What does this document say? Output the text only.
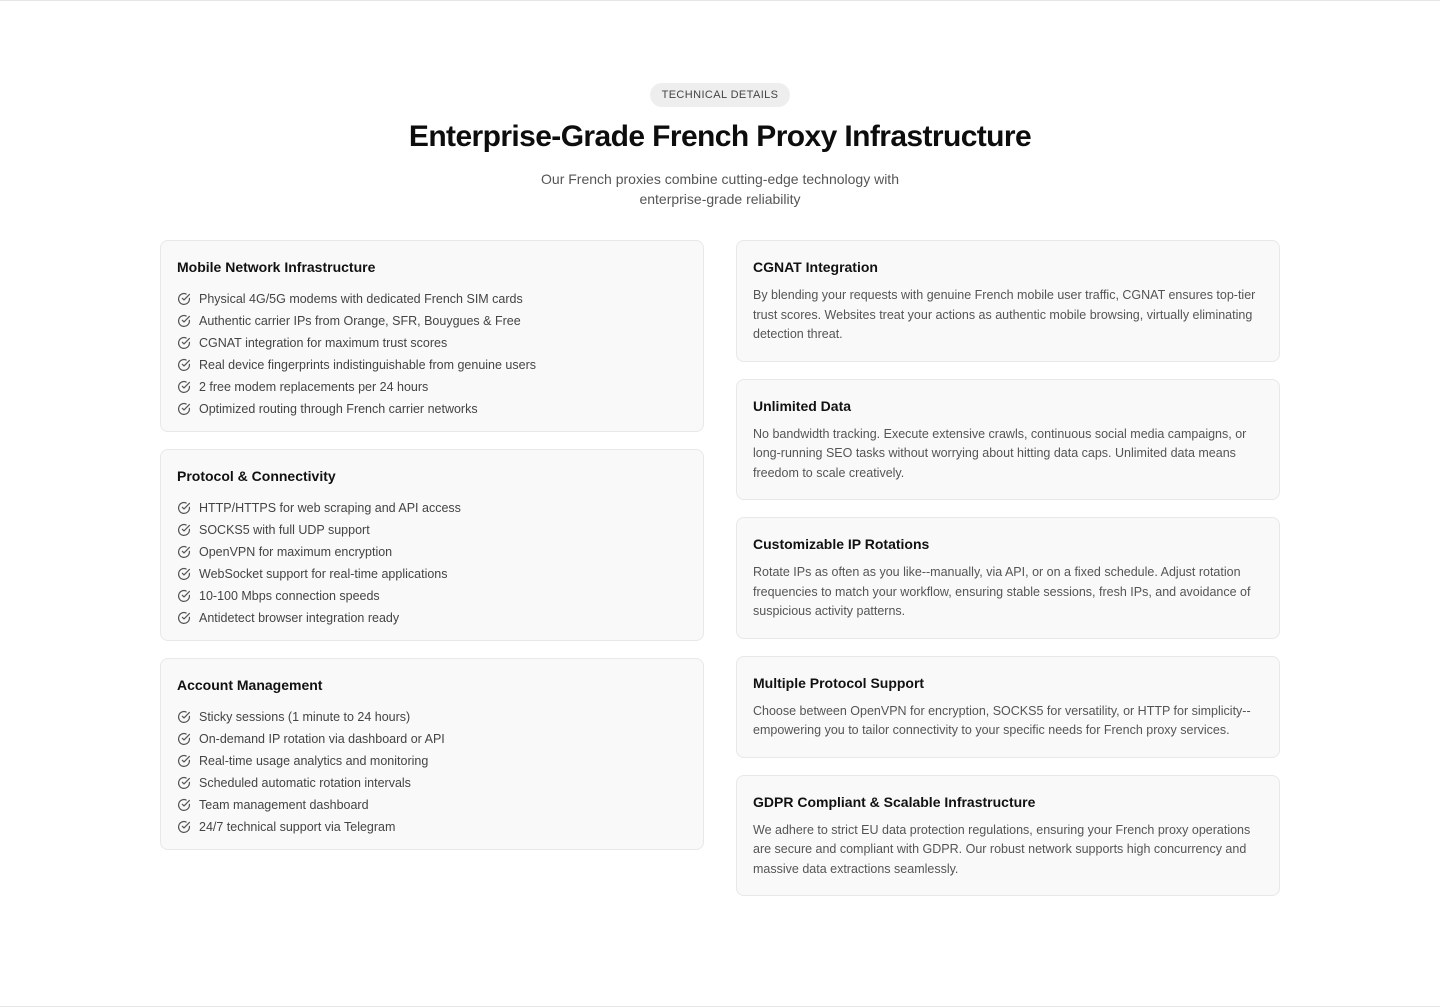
TECHNICAL DETAILS
Enterprise-Grade French Proxy Infrastructure

Our French proxies combine cutting-edge technology with enterprise-grade reliability

Mobile Network Infrastructure
Physical 4G/5G modems with dedicated French SIM cards
Authentic carrier IPs from Orange, SFR, Bouygues & Free
CGNAT integration for maximum trust scores
Real device fingerprints indistinguishable from genuine users
2 free modem replacements per 24 hours
Optimized routing through French carrier networks
Protocol & Connectivity
HTTP/HTTPS for web scraping and API access
SOCKS5 with full UDP support
OpenVPN for maximum encryption
WebSocket support for real-time applications
10-100 Mbps connection speeds
Antidetect browser integration ready
Account Management
Sticky sessions (1 minute to 24 hours)
On-demand IP rotation via dashboard or API
Real-time usage analytics and monitoring
Scheduled automatic rotation intervals
Team management dashboard
24/7 technical support via Telegram
CGNAT Integration

By blending your requests with genuine French mobile user traffic, CGNAT ensures top-tier trust scores. Websites treat your actions as authentic mobile browsing, virtually eliminating detection threat.

Unlimited Data

No bandwidth tracking. Execute extensive crawls, continuous social media campaigns, or long-running SEO tasks without worrying about hitting data caps. Unlimited data means freedom to scale creatively.

Customizable IP Rotations

Rotate IPs as often as you like--manually, via API, or on a fixed schedule. Adjust rotation frequencies to match your workflow, ensuring stable sessions, fresh IPs, and avoidance of suspicious activity patterns.

Multiple Protocol Support

Choose between OpenVPN for encryption, SOCKS5 for versatility, or HTTP for simplicity--empowering you to tailor connectivity to your specific needs for French proxy services.

GDPR Compliant & Scalable Infrastructure

We adhere to strict EU data protection regulations, ensuring your French proxy operations are secure and compliant with GDPR. Our robust network supports high concurrency and massive data extractions seamlessly.
